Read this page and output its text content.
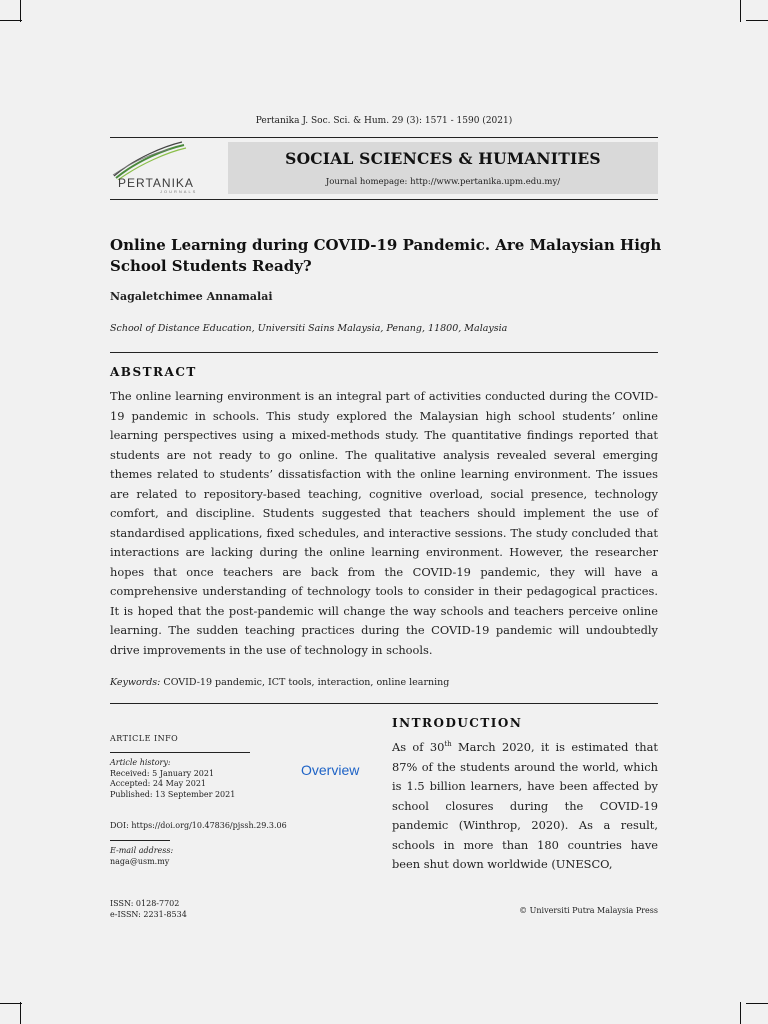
Pertanika J. Soc. Sci. & Hum. 29 (3): 1571 - 1590 (2021)
PERTANIKA
JOURNALS
SOCIAL SCIENCES & HUMANITIES
Journal homepage: http://www.pertanika.upm.edu.my/
Online Learning during COVID-19 Pandemic. Are Malaysian High School Students Ready?
Nagaletchimee Annamalai
School of Distance Education, Universiti Sains Malaysia, Penang, 11800, Malaysia
ABSTRACT
The online learning environment is an integral part of activities conducted during the COVID-19 pandemic in schools. This study explored the Malaysian high school students’ online learning perspectives using a mixed-methods study. The quantitative findings reported that students are not ready to go online. The qualitative analysis revealed several emerging themes related to students’ dissatisfaction with the online learning environment. The issues are related to repository-based teaching, cognitive overload, social presence, technology comfort, and discipline. Students suggested that teachers should implement the use of standardised applications, fixed schedules, and interactive sessions. The study concluded that interactions are lacking during the online learning environment. However, the researcher hopes that once teachers are back from the COVID-19 pandemic, they will have a comprehensive understanding of technology tools to consider in their pedagogical practices. It is hoped that the post-pandemic will change the way schools and teachers perceive online learning. The sudden teaching practices during the COVID-19 pandemic will undoubtedly drive improvements in the use of technology in schools.
Keywords: COVID-19 pandemic, ICT tools, interaction, online learning
ARTICLE INFO
Article history:
Received: 5 January 2021
Accepted: 24 May 2021
Published: 13 September 2021
DOI: https://doi.org/10.47836/pjssh.29.3.06
E-mail address:
naga@usm.my
Overview
INTRODUCTION
As of 30th March 2020, it is estimated that 87% of the students around the world, which is 1.5 billion learners, have been affected by school closures during the COVID-19 pandemic (Winthrop, 2020). As a result, schools in more than 180 countries have been shut down worldwide (UNESCO,
ISSN: 0128-7702
e-ISSN: 2231-8534	© Universiti Putra Malaysia Press
